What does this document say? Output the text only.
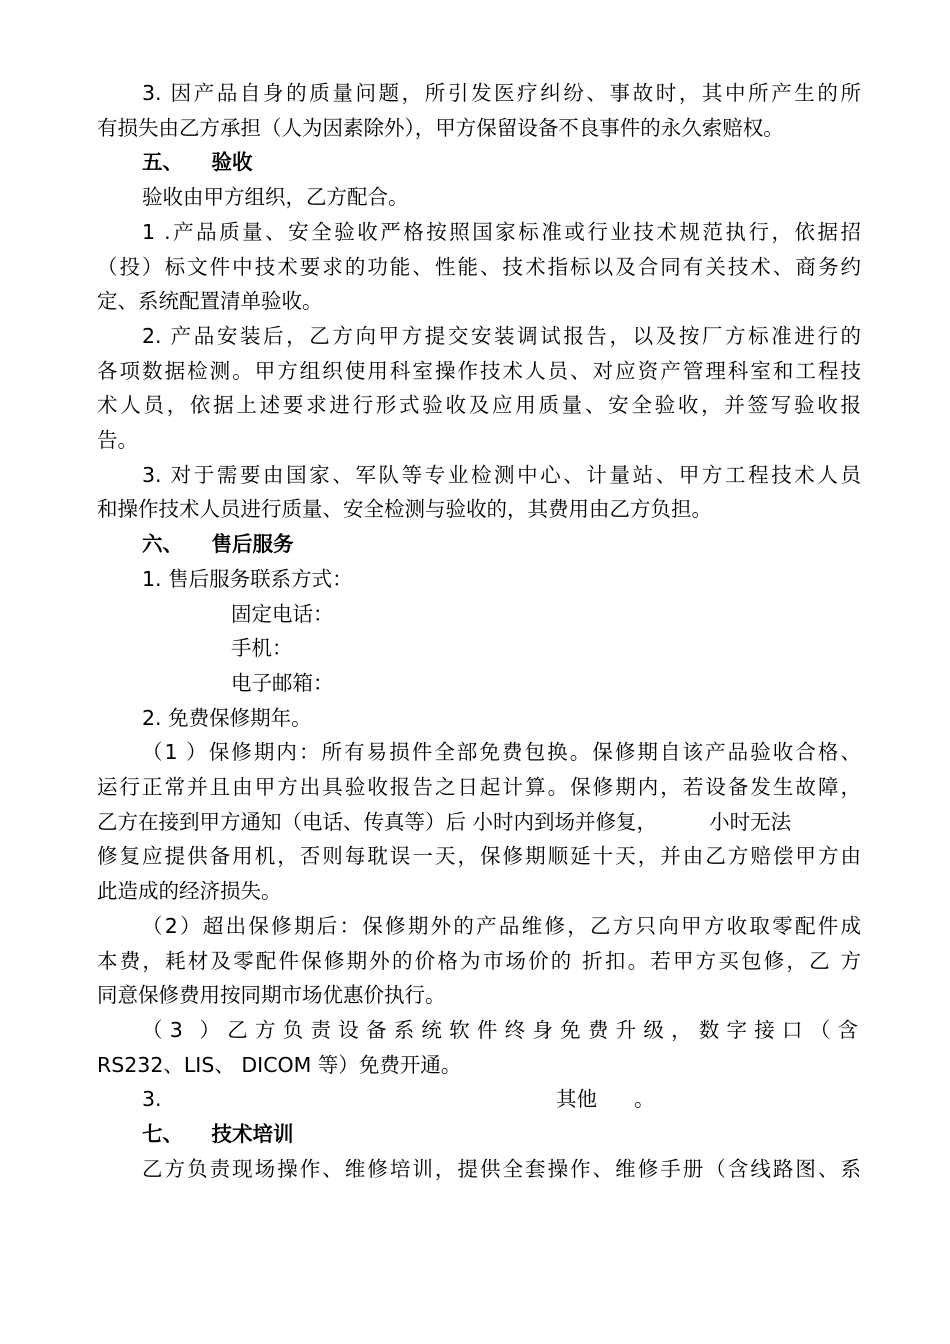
3. 因产品自身的质量问题，所引发医疗纠纷、事故时，其中所产生的所

有损失由乙方承担（人为因素除外），甲方保留设备不良事件的永久索赔权。

五、    验收

验收由甲方组织，乙方配合。

1 .产品质量、安全验收严格按照国家标准或行业技术规范执行，依据招

（投）标文件中技术要求的功能、性能、技术指标以及合同有关技术、商务约

定、系统配置清单验收。

2. 产品安装后，乙方向甲方提交安装调试报告，以及按厂方标准进行的

各项数据检测。甲方组织使用科室操作技术人员、对应资产管理科室和工程技

术人员，依据上述要求进行形式验收及应用质量、安全验收，并签写验收报

告。

3. 对于需要由国家、军队等专业检测中心、计量站、甲方工程技术人员

和操作技术人员进行质量、安全检测与验收的，其费用由乙方负担。

六、    售后服务

1. 售后服务联系方式：

固定电话：

手机：

电子邮箱：

2. 免费保修期年。

（1 ）保修期内：所有易损件全部免费包换。保修期自该产品验收合格、

运行正常并且由甲方出具验收报告之日起计算。保修期内，若设备发生故障，

乙方在接到甲方通知（电话、传真等）后 小时内到场并修复，        小时无法

修复应提供备用机，否则每耽误一天，保修期顺延十天，并由乙方赔偿甲方由

此造成的经济损失。

（2）超出保修期后：保修期外的产品维修，乙方只向甲方收取零配件成

本费，耗材及零配件保修期外的价格为市场价的 折扣。若甲方买包修，乙 方

同意保修费用按同期市场优惠价执行。

（3 ）乙方负责设备系统软件终身免费升级，数字接口（含

RS232、LIS、 DICOM 等）免费开通。

3.	其他 。

七、    技术培训

乙方负责现场操作、维修培训，提供全套操作、维修手册（含线路图、系
